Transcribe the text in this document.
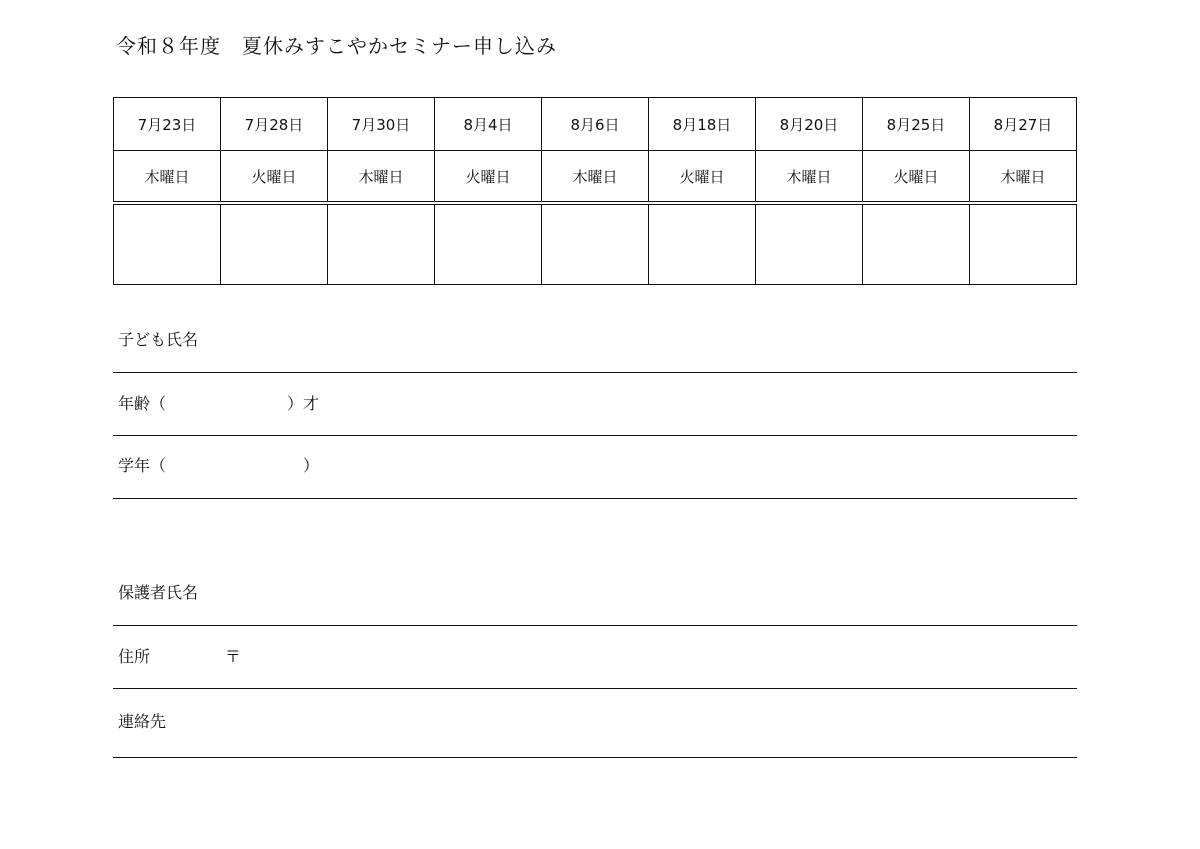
令和８年度　夏休みすこやかセミナー申し込み
7月23日	7月28日	7月30日	8月4日	8月6日	8月18日	8月20日	8月25日	8月27日
木曜日	火曜日	木曜日	火曜日	木曜日	火曜日	木曜日	火曜日	木曜日

子ども氏名
年齢（	）才
学年（	）
保護者氏名
住所	〒
連絡先
